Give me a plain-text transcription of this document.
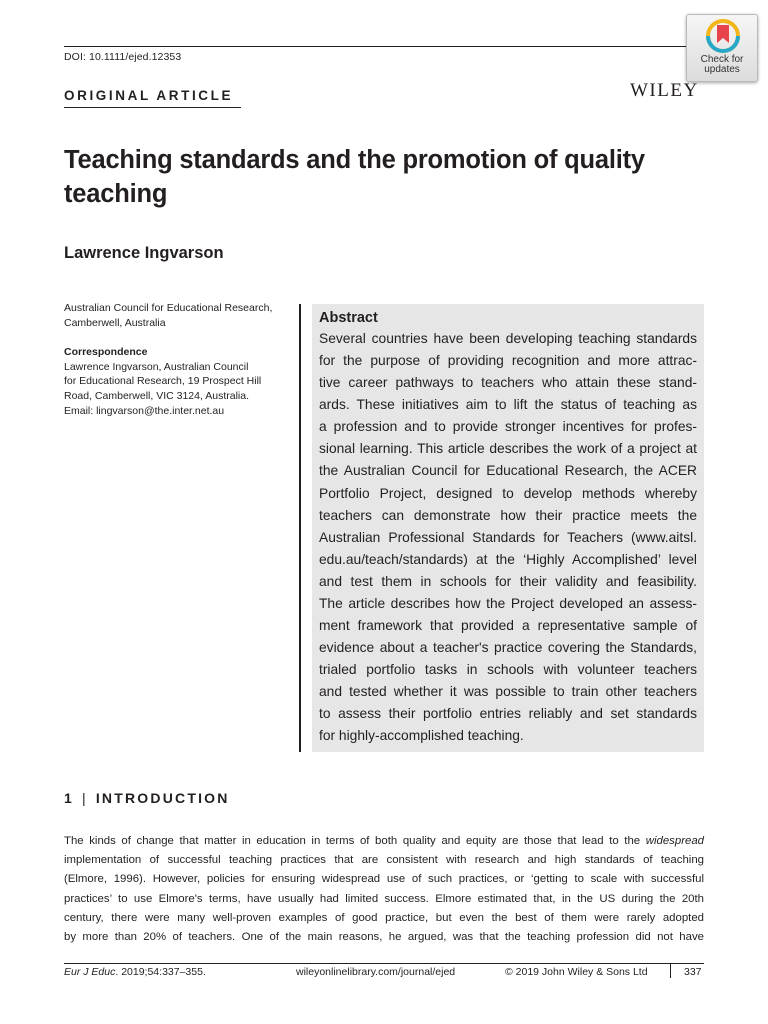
DOI: 10.1111/ejed.12353	Check for
updates
ORIGINAL ARTICLE	WILEY
Teaching standards and the promotion of quality teaching
Lawrence Ingvarson
Australian Council for Educational Research,
Camberwell, Australia
Correspondence
Lawrence Ingvarson, Australian Council
for Educational Research, 19 Prospect Hill
Road, Camberwell, VIC 3124, Australia.
Email: lingvarson@the.inter.net.au
Abstract
Several countries have been developing teaching standards
for the purpose of providing recognition and more attrac-
tive career pathways to teachers who attain these stand-
ards. These initiatives aim to lift the status of teaching as
a profession and to provide stronger incentives for profes-
sional learning. This article describes the work of a project at
the Australian Council for Educational Research, the ACER
Portfolio Project, designed to develop methods whereby
teachers can demonstrate how their practice meets the
Australian Professional Standards for Teachers (www.aitsl.
edu.au/teach/standards) at the ‘Highly Accomplished’ level
and test them in schools for their validity and feasibility.
The article describes how the Project developed an assess-
ment framework that provided a representative sample of
evidence about a teacher's practice covering the Standards,
trialed portfolio tasks in schools with volunteer teachers
and tested whether it was possible to train other teachers
to assess their portfolio entries reliably and set standards
for highly-accomplished teaching.
1 | INTRODUCTION
The kinds of change that matter in education in terms of both quality and equity are those that lead to the widespread
implementation of successful teaching practices that are consistent with research and high standards of teaching
(Elmore, 1996). However, policies for ensuring widespread use of such practices, or ‘getting to scale with successful
practices’ to use Elmore's terms, have usually had limited success. Elmore estimated that, in the US during the 20th
century, there were many well-proven examples of good practice, but even the best of them were rarely adopted
by more than 20% of teachers. One of the main reasons, he argued, was that the teaching profession did not have
Eur J Educ. 2019;54:337–355.	wileyonlinelibrary.com/journal/ejed	© 2019 John Wiley & Sons Ltd	337
